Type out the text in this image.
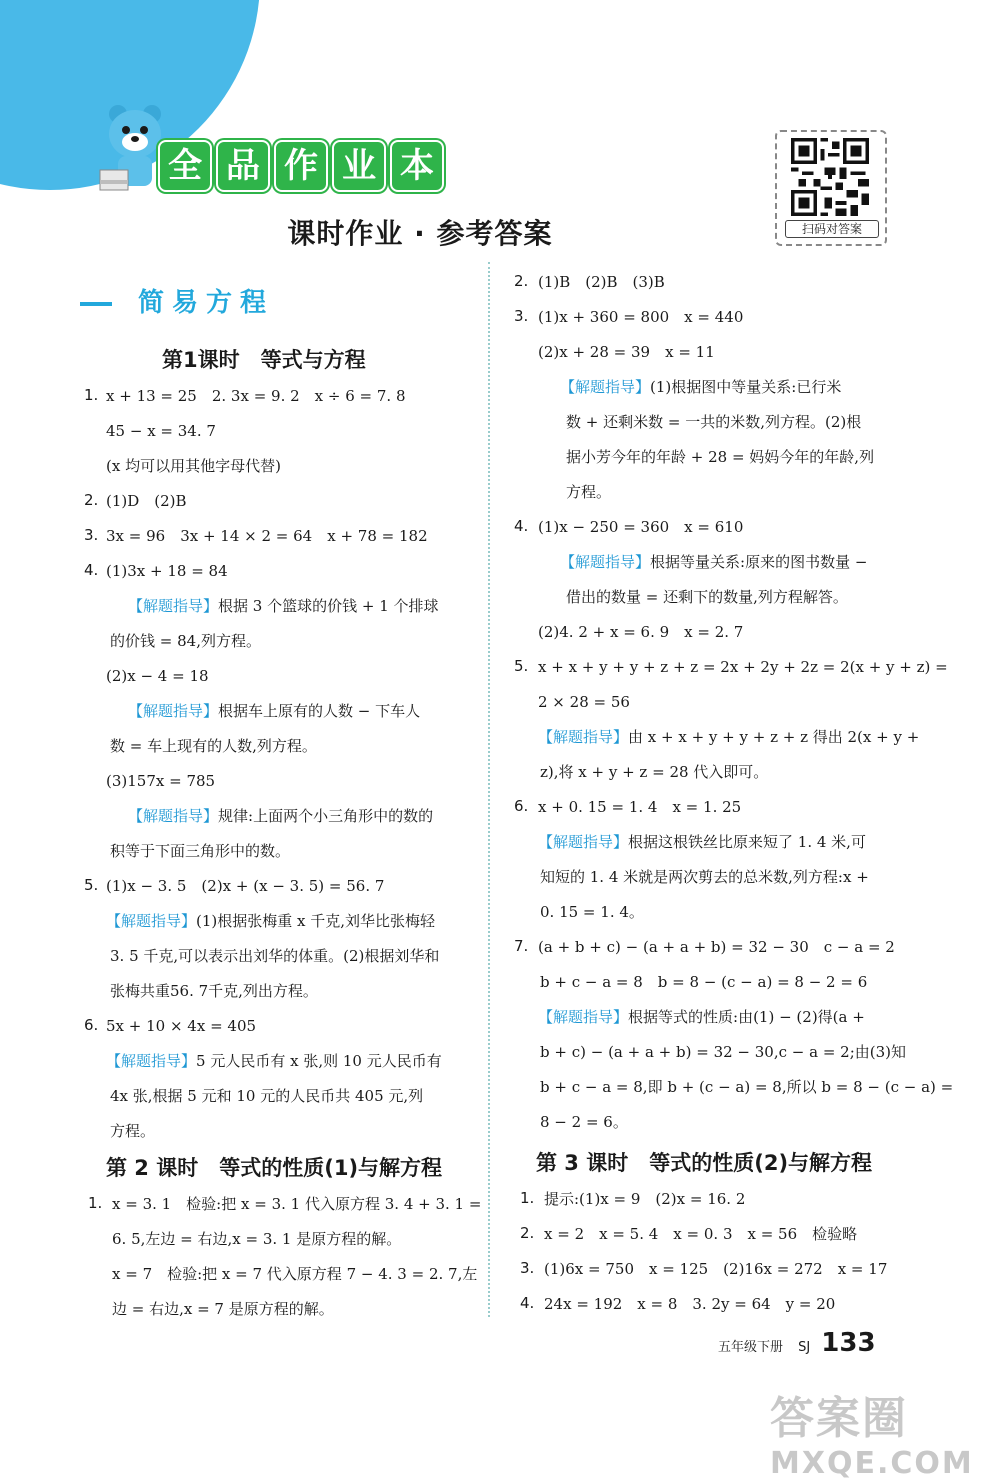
全 品 作 业 本
扫码对答案
课时作业 · 参考答案
简易方程
第1课时　等式与方程
1. x + 13 = 25　2. 3x = 9. 2　x ÷ 6 = 7. 8
45 − x = 34. 7
(x 均可以用其他字母代替)
2. (1)D　(2)B
3. 3x = 96　3x + 14 × 2 = 64　x + 78 = 182
4. (1)3x + 18 = 84
【解题指导】根据 3 个篮球的价钱 + 1 个排球
的价钱 = 84,列方程。
(2)x − 4 = 18
【解题指导】根据车上原有的人数 − 下车人
数 = 车上现有的人数,列方程。
(3)157x = 785
【解题指导】规律:上面两个小三角形中的数的
积等于下面三角形中的数。
5. (1)x − 3. 5　(2)x + (x − 3. 5) = 56. 7
【解题指导】(1)根据张梅重 x 千克,刘华比张梅轻
3. 5 千克,可以表示出刘华的体重。(2)根据刘华和
张梅共重56. 7千克,列出方程。
6. 5x + 10 × 4x = 405
【解题指导】5 元人民币有 x 张,则 10 元人民币有
4x 张,根据 5 元和 10 元的人民币共 405 元,列
方程。
第 2 课时　等式的性质(1)与解方程
1. x = 3. 1　检验:把 x = 3. 1 代入原方程 3. 4 + 3. 1 =
6. 5,左边 = 右边,x = 3. 1 是原方程的解。
x = 7　检验:把 x = 7 代入原方程 7 − 4. 3 = 2. 7,左
边 = 右边,x = 7 是原方程的解。
2. (1)B　(2)B　(3)B
3. (1)x + 360 = 800　x = 440
(2)x + 28 = 39　x = 11
【解题指导】(1)根据图中等量关系:已行米
数 + 还剩米数 = 一共的米数,列方程。(2)根
据小芳今年的年龄 + 28 = 妈妈今年的年龄,列
方程。
4. (1)x − 250 = 360　x = 610
【解题指导】根据等量关系:原来的图书数量 −
借出的数量 = 还剩下的数量,列方程解答。
(2)4. 2 + x = 6. 9　x = 2. 7
5. x + x + y + y + z + z = 2x + 2y + 2z = 2(x + y + z) =
2 × 28 = 56
【解题指导】由 x + x + y + y + z + z 得出 2(x + y +
z),将 x + y + z = 28 代入即可。
6. x + 0. 15 = 1. 4　x = 1. 25
【解题指导】根据这根铁丝比原来短了 1. 4 米,可
知短的 1. 4 米就是两次剪去的总米数,列方程:x +
0. 15 = 1. 4。
7. (a + b + c) − (a + a + b) = 32 − 30　c − a = 2
b + c − a = 8　b = 8 − (c − a) = 8 − 2 = 6
【解题指导】根据等式的性质:由(1) − (2)得(a +
b + c) − (a + a + b) = 32 − 30,c − a = 2;由(3)知
b + c − a = 8,即 b + (c − a) = 8,所以 b = 8 − (c − a) =
8 − 2 = 6。
第 3 课时　等式的性质(2)与解方程
1. 提示:(1)x = 9　(2)x = 16. 2
2. x = 2　x = 5. 4　x = 0. 3　x = 56　检验略
3. (1)6x = 750　x = 125　(2)16x = 272　x = 17
4. 24x = 192　x = 8　3. 2y = 64　y = 20
五年级下册 SJ 133
答案圈
MXQE.COM
